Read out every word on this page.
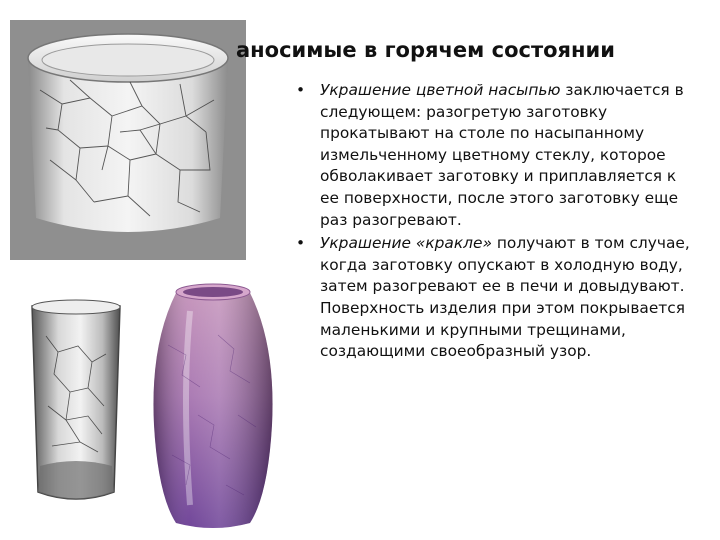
аносимые в горячем состоянии
• Украшение цветной насыпью заключается в следующем: разогретую заготовку прокатывают на столе по насыпанному измельченному цветному стеклу, которое обволакивает заготовку и приплавляется к ее поверхности, после этого заготовку еще раз разогревают.
• Украшение «кракле» получают в том случае, когда заготовку опускают в холодную воду, затем разогревают ее в печи и довыдувают. Поверхность изделия при этом покрывается маленькими и крупными трещинами, создающими своеобразный узор.
